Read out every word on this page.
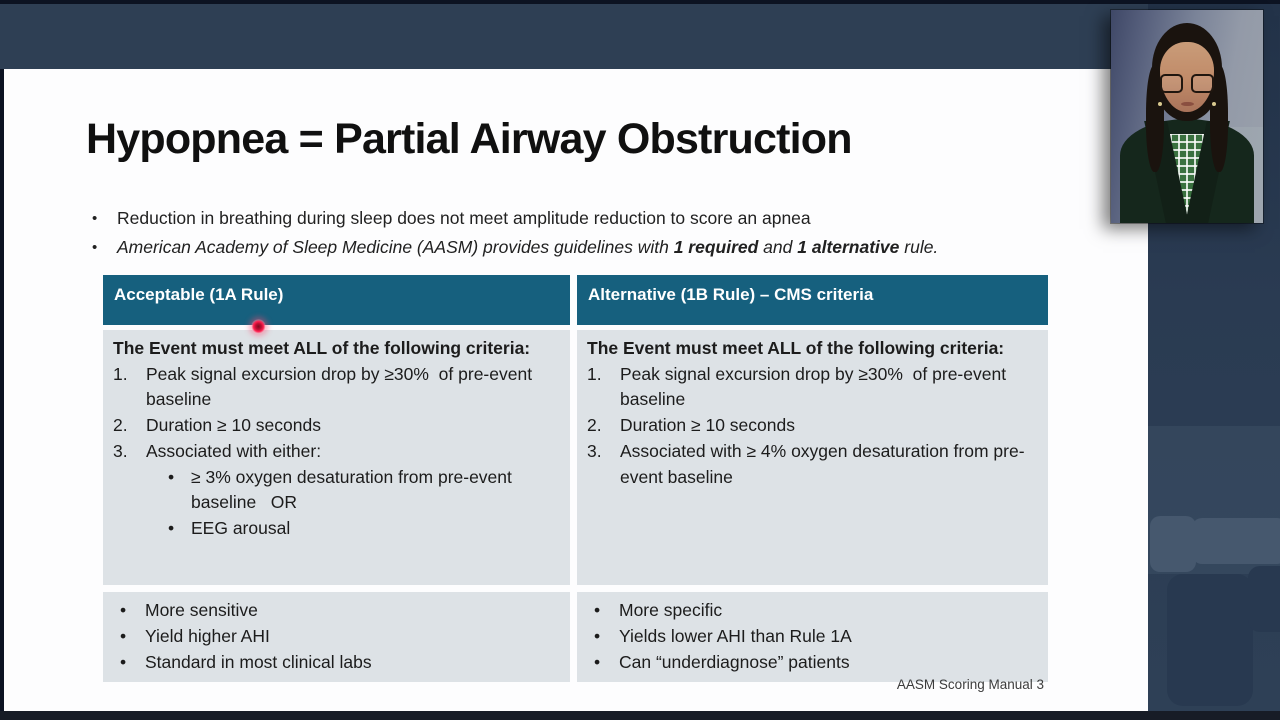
Hypopnea = Partial Airway Obstruction
• Reduction in breathing during sleep does not meet amplitude reduction to score an apnea
• American Academy of Sleep Medicine (AASM) provides guidelines with 1 required and 1 alternative rule.
Acceptable (1A Rule)	Alternative (1B Rule) – CMS criteria
The Event must meet ALL of the following criteria:
Peak signal excursion drop by ≥30%  of pre-event baseline
Duration ≥ 10 seconds
Associated with either:
• ≥ 3% oxygen desaturation from pre-event baseline   OR
• EEG arousal
The Event must meet ALL of the following criteria:
Peak signal excursion drop by ≥30%  of pre-event baseline
Duration ≥ 10 seconds
Associated with ≥ 4% oxygen desaturation from pre-event baseline
• More sensitive
• Yield higher AHI
• Standard in most clinical labs
• More specific
• Yields lower AHI than Rule 1A
• Can “underdiagnose” patients
AASM Scoring Manual 3
